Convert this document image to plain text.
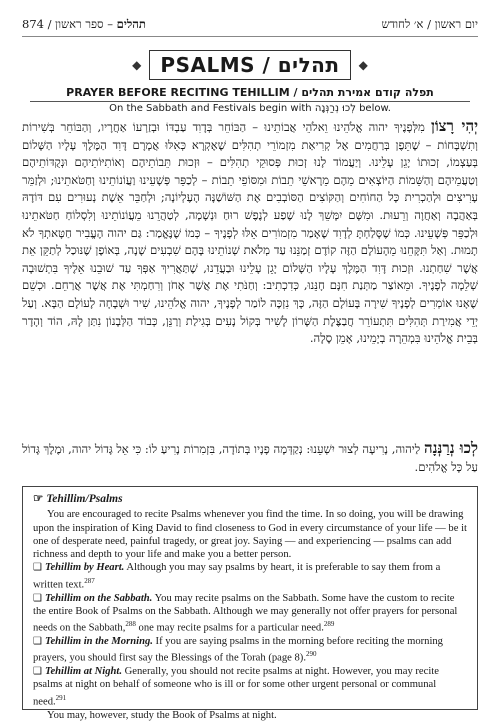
874 /	תהלים – ספר ראשון	יום ראשון / א׳ לחודש
◆ PSALMS / תהלים	◆
PRAYER BEFORE RECITING TEHILLIM / תפלה קודם אמירת תהלים
On the Sabbath and Festivals begin with לְכוּ נְרַנְּנָה below.
יְהִי רָצוֹן מִלְּפָנֶיךָ יהוה אֱלֹהֵינוּ וֵאלֹהֵי אֲבוֹתֵינוּ – הַבּוֹחֵר בְּדָוִד עַבְדּוֹ וּבְזַרְעוֹ אַחֲרָיו, וְהַבּוֹחֵר בְּשִׁירוֹת וְתִשְׁבָּחוֹת – שֶׁתֵּפֶן בְּרַחֲמִים אֶל קְרִיאַת מִזְמוֹרֵי תְהִלִּים שֶׁאֶקְרָא כְּאִלּוּ אֲמָרָם דָּוִד הַמֶּלֶךְ עָלָיו הַשָּׁלוֹם בְּעַצְמוֹ, זְכוּתוֹ יָגֵן עָלֵינוּ. וְיַעֲמוֹד לָנוּ זְכוּת פְּסוּקֵי תְהִלִּים – וּזְכוּת תֵּבוֹתֵיהֶם וְאוֹתִיּוֹתֵיהֶם וּנְקֻדּוֹתֵיהֶם וְטַעֲמֵיהֶם וְהַשֵּׁמוֹת הַיּוֹצְאִים מֵהֶם מֵרָאשֵׁי תֵבוֹת וּמִסּוֹפֵי תֵבוֹת – לְכַפֵּר פְּשָׁעֵינוּ וַעֲוֹנוֹתֵינוּ וְחַטֹּאתֵינוּ; וּלְזַמֵּר עָרִיצִים וּלְהַכְרִית כָּל הַחוֹחִים וְהַקּוֹצִים הַסּוֹבְבִים אֶת הַשּׁוֹשַׁנָּה הָעֶלְיוֹנָה; וּלְחַבֵּר אֵשֶׁת נְעוּרִים עִם דּוֹדָהּ בְּאַהֲבָה וְאַחֲוָה וְרֵעוּת. וּמִשָּׁם יִמָּשֵׁךְ לָנוּ שֶׁפַע לְנֶפֶשׁ רוּחַ וּנְשָׁמָה, לְטַהֲרֵנוּ מֵעֲוֹנוֹתֵינוּ וְלִסְלוֹחַ חַטֹּאתֵינוּ וּלְכַפֵּר פְּשָׁעֵינוּ. כְּמוֹ שֶׁסָּלַחְתָּ לְדָוִד שֶׁאָמַר מִזְמוֹרִים אֵלּוּ לְפָנֶיךָ – כְּמוֹ שֶׁנֶּאֱמַר: גַּם יהוה הֶעֱבִיר חַטָּאתְךָ לֹא תָמוּת. וְאַל תִּקָּחֵנוּ מֵהָעוֹלָם הַזֶּה קוֹדֶם זְמַנֵּנוּ עַד מְלֹאת שְׁנוֹתֵינוּ בָּהֶם שִׁבְעִים שָׁנָה, בְּאוֹפֶן שֶׁנּוּכַל לְתַקֵּן אֵת אֲשֶׁר שִׁחַתְנוּ. וּזְכוּת דָּוִד הַמֶּלֶךְ עָלָיו הַשָּׁלוֹם יָגֵן עָלֵינוּ וּבַעֲדֵנוּ, שֶׁתַּאֲרִיךְ אַפְּךָ עַד שׁוּבֵנוּ אֵלֶיךָ בִּתְשׁוּבָה שְׁלֵמָה לְפָנֶיךָ. וּמֵאוֹצַר מַתְּנַת חִנָּם חָנֵּנוּ, כְּדִכְתִיב: וְחַנֹּתִי אֶת אֲשֶׁר אָחֹן וְרִחַמְתִּי אֶת אֲשֶׁר אֲרַחֵם. וּכְשֵׁם שֶׁאָנוּ אוֹמְרִים לְפָנֶיךָ שִׁירָה בָּעוֹלָם הַזֶּה, כָּךְ נִזְכֶּה לוֹמַר לְפָנֶיךָ, יהוה אֱלֹהֵינוּ, שִׁיר וּשְׁבָחָה לָעוֹלָם הַבָּא. וְעַל יְדֵי אֲמִירַת תְּהִלִּים תִּתְעוֹרֵר חֲבַצֶּלֶת הַשָּׁרוֹן לָשִׁיר בְּקוֹל נָעִים בְּגִילַת וְרַנֵּן, כְּבוֹד הַלְּבָנוֹן נִתַּן לָהּ, הוֹד וְהָדָר בְּבֵית אֱלֹהֵינוּ בִּמְהֵרָה בְיָמֵינוּ, אָמֵן סֶלָה.
לְכוּ נְרַנְּנָה לַיהוה, נָרִיעָה לְצוּר יִשְׁעֵנוּ: נְקַדְּמָה פָנָיו בְּתוֹדָה, בִּזְמִרוֹת נָרִיעַ לוֹ: כִּי אֵל גָּדוֹל יהוה, וּמֶלֶךְ גָּדוֹל עַל כָּל אֱלֹהִים.
☞ Tehillim/Psalms

You are encouraged to recite Psalms whenever you find the time. In so doing, you will be drawing upon the inspiration of King David to find closeness to God in every circumstance of your life — be it one of desperate need, painful tragedy, or great joy. Saying — and experiencing — psalms can add richness and depth to your life and make you a better person.

❑ Tehillim by Heart. Although you may say psalms by heart, it is preferable to say them from a written text.$^{287}$

❑ Tehillim on the Sabbath. You may recite psalms on the Sabbath. Some have the custom to recite the entire Book of Psalms on the Sabbath. Although we may generally not offer prayers for personal needs on the Sabbath,$^{288}$ one may recite psalms for a particular need.$^{289}$

❑ Tehillim in the Morning. If you are saying psalms in the morning before reciting the morning prayers, you should first say the Blessings of the Torah (page 8).$^{290}$

❑ Tehillim at Night. Generally, you should not recite psalms at night. However, you may recite psalms at night on behalf of someone who is ill or for some other urgent personal or communal need.$^{291}$

You may, however, study the Book of Psalms at night.
